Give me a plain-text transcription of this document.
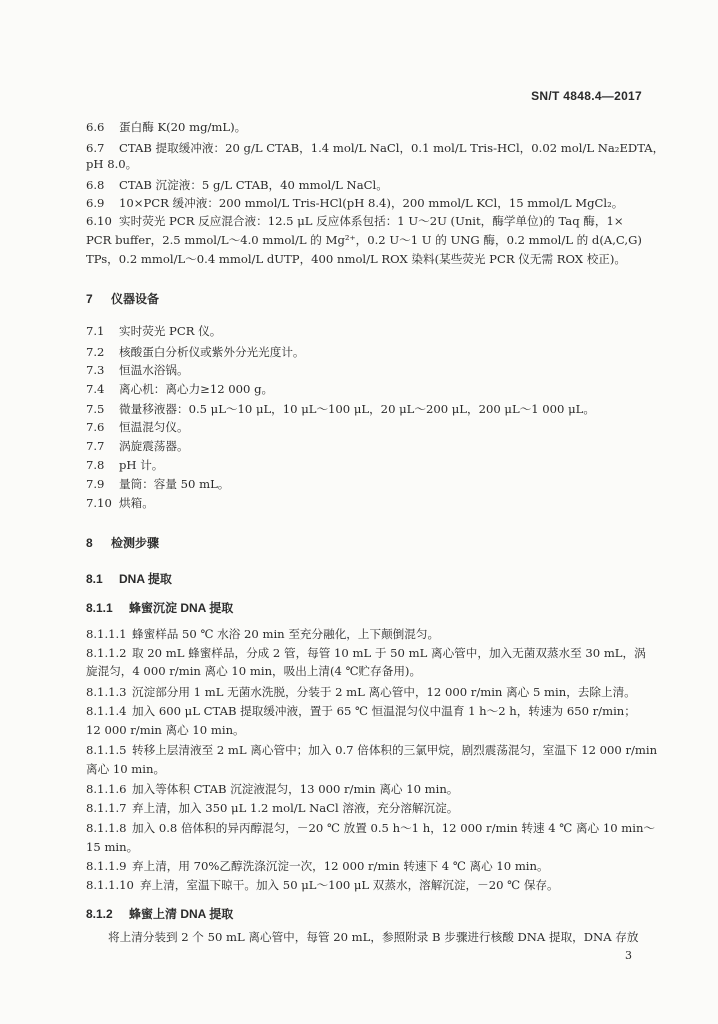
SN/T 4848.4—2017
6.6 蛋白酶 K(20 mg/mL)。
6.7 CTAB 提取缓冲液：20 g/L CTAB，1.4 mol/L NaCl，0.1 mol/L Tris-HCl，0.02 mol/L Na₂EDTA，
pH 8.0。
6.8 CTAB 沉淀液：5 g/L CTAB，40 mmol/L NaCl。
6.9 10×PCR 缓冲液：200 mmol/L Tris-HCl(pH 8.4)，200 mmol/L KCl，15 mmol/L MgCl₂。
6.10 实时荧光 PCR 反应混合液：12.5 μL 反应体系包括：1 U～2U (Unit，酶学单位)的 Taq 酶，1×
PCR buffer，2.5 mmol/L～4.0 mmol/L 的 Mg²⁺，0.2 U～1 U 的 UNG 酶，0.2 mmol/L 的 d(A,C,G)
TPs，0.2 mmol/L～0.4 mmol/L dUTP，400 nmol/L ROX 染料(某些荧光 PCR 仪无需 ROX 校正)。
7 仪器设备
7.1 实时荧光 PCR 仪。
7.2 核酸蛋白分析仪或紫外分光光度计。
7.3 恒温水浴锅。
7.4 离心机：离心力≥12 000 g。
7.5 微量移液器：0.5 μL～10 μL，10 μL～100 μL，20 μL～200 μL，200 μL～1 000 μL。
7.6 恒温混匀仪。
7.7 涡旋震荡器。
7.8 pH 计。
7.9 量筒：容量 50 mL。
7.10 烘箱。
8 检测步骤
8.1 DNA 提取
8.1.1 蜂蜜沉淀 DNA 提取
8.1.1.1 蜂蜜样品 50 ℃ 水浴 20 min 至充分融化，上下颠倒混匀。
8.1.1.2 取 20 mL 蜂蜜样品，分成 2 管，每管 10 mL 于 50 mL 离心管中，加入无菌双蒸水至 30 mL，涡
旋混匀，4 000 r/min 离心 10 min，吸出上清(4 ℃贮存备用)。
8.1.1.3 沉淀部分用 1 mL 无菌水洗脱，分装于 2 mL 离心管中，12 000 r/min 离心 5 min，去除上清。
8.1.1.4 加入 600 μL CTAB 提取缓冲液，置于 65 ℃ 恒温混匀仪中温育 1 h～2 h，转速为 650 r/min；
12 000 r/min 离心 10 min。
8.1.1.5 转移上层清液至 2 mL 离心管中；加入 0.7 倍体积的三氯甲烷，剧烈震荡混匀，室温下 12 000 r/min
离心 10 min。
8.1.1.6 加入等体积 CTAB 沉淀液混匀，13 000 r/min 离心 10 min。
8.1.1.7 弃上清，加入 350 μL 1.2 mol/L NaCl 溶液，充分溶解沉淀。
8.1.1.8 加入 0.8 倍体积的异丙醇混匀，－20 ℃ 放置 0.5 h～1 h，12 000 r/min 转速 4 ℃ 离心 10 min～
15 min。
8.1.1.9 弃上清，用 70%乙醇洗涤沉淀一次，12 000 r/min 转速下 4 ℃ 离心 10 min。
8.1.1.10 弃上清，室温下晾干。加入 50 μL～100 μL 双蒸水，溶解沉淀，－20 ℃ 保存。
8.1.2 蜂蜜上清 DNA 提取
将上清分装到 2 个 50 mL 离心管中，每管 20 mL，参照附录 B 步骤进行核酸 DNA 提取，DNA 存放
3
